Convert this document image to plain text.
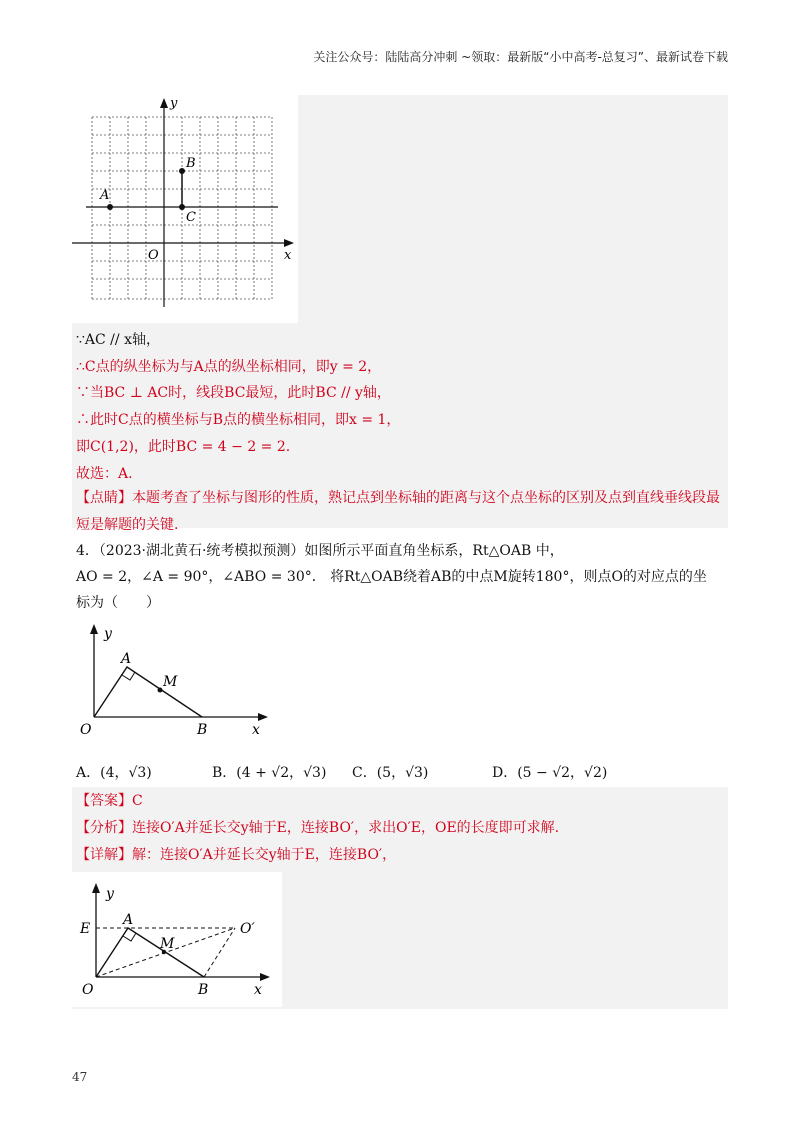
关注公众号：陆陆高分冲刺 ~领取：最新版“小中高考-总复习”、最新试卷下载
y
x
O
A
B
C
∵AC // x轴，
∴C点的纵坐标为与A点的纵坐标相同，即y = 2，
∵当BC ⊥ AC时，线段BC最短，此时BC // y轴，
∴此时C点的横坐标与B点的横坐标相同，即x = 1，
即C(1,2)，此时BC = 4 − 2 = 2.
故选：A.
【点睛】本题考查了坐标与图形的性质，熟记点到坐标轴的距离与这个点坐标的区别及点到直线垂线段最短是解题的关键.
4．（2023·湖北黄石·统考模拟预测）如图所示平面直角坐标系，Rt△OAB 中，
AO = 2，∠A = 90°，∠ABO = 30°． 将Rt△OAB绕着AB的中点M旋转180°，则点O的对应点的坐
标为（　　）
y
x
O
A
M
B
A．(4，√3)	B．(4 + √2，√3) C．(5，√3)	D．(5 − √2，√2)
【答案】C
【分析】连接O′A并延长交y轴于E，连接BO′，求出O′E，OE的长度即可求解.
【详解】解：连接O′A并延长交y轴于E，连接BO′，
y
x
O
E
A
M
O′
B
47
